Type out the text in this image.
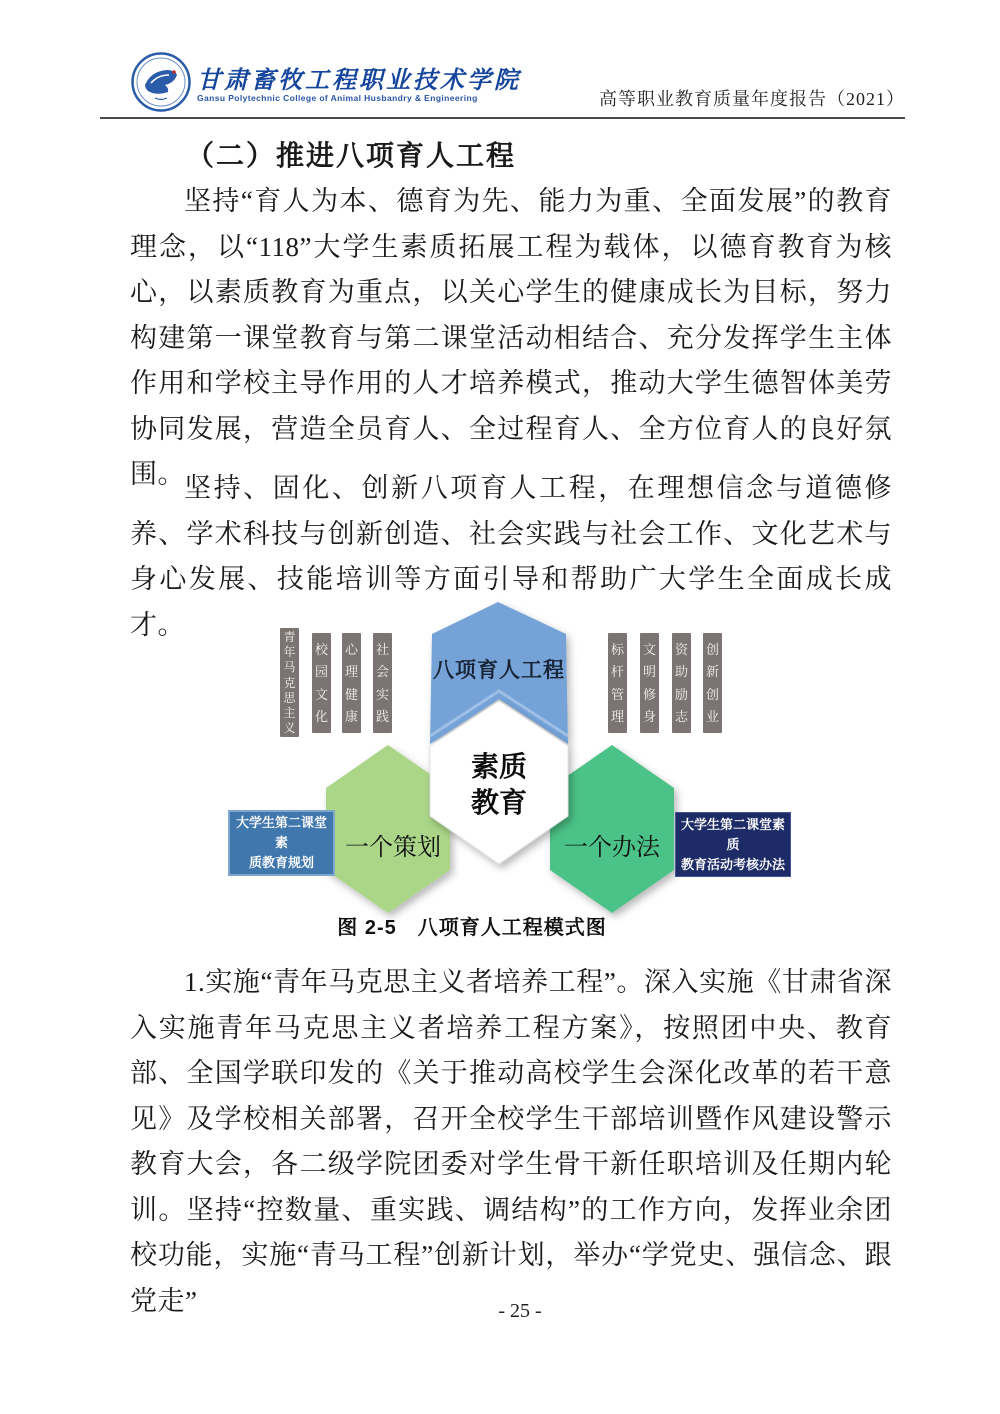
甘肃畜牧工程职业技术学院
Gansu Polytechnic College of Animal Husbandry & Engineering	高等职业教育质量年度报告（2021）
（二）推进八项育人工程
坚持“育人为本、德育为先、能力为重、全面发展”的教育理念，以“118”大学生素质拓展工程为载体，以德育教育为核心，以素质教育为重点，以关心学生的健康成长为目标，努力构建第一课堂教育与第二课堂活动相结合、充分发挥学生主体作用和学校主导作用的人才培养模式，推动大学生德智体美劳协同发展，营造全员育人、全过程育人、全方位育人的良好氛围。 坚持、固化、创新八项育人工程，在理想信念与道德修养、学术科技与创新创造、社会实践与社会工作、文化艺术与身心发展、技能培训等方面引导和帮助广大学生全面成长成才。	青
年
马
克
思
主
义
校
园
文
化
心
理
健
康
社
会
实
践
标
杆
管
理
文
明
修
身
资
助
励
志
创
新
创
业
八项育人工程
素质
教育
一个策划	一个办法
大学生第二课堂素
质教育规划
大学生第二课堂素质
教育活动考核办法
图 2-5　八项育人工程模式图
1.实施“青年马克思主义者培养工程”。深入实施《甘肃省深入实施青年马克思主义者培养工程方案》，按照团中央、教育部、全国学联印发的《关于推动高校学生会深化改革的若干意见》及学校相关部署，召开全校学生干部培训暨作风建设警示教育大会，各二级学院团委对学生骨干新任职培训及任期内轮训。坚持“控数量、重实践、调结构”的工作方向，发挥业余团校功能，实施“青马工程”创新计划，举办“学党史、强信念、跟党走”	- 25 -
